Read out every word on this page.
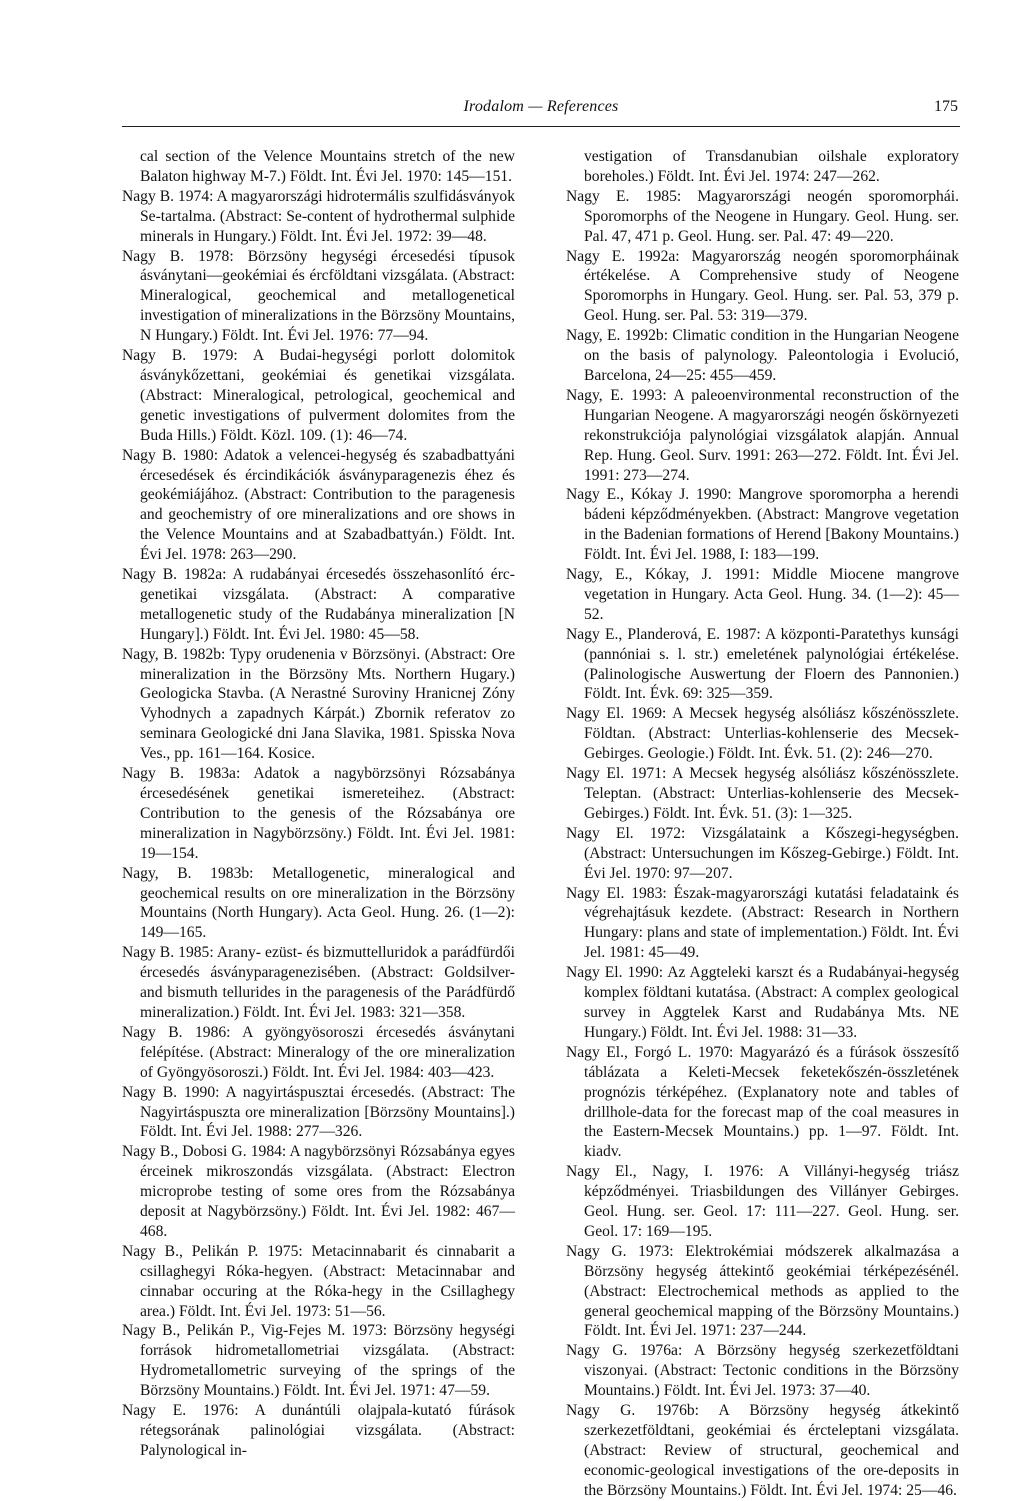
Irodalom — References	175

cal section of the Velence Mountains stretch of the new Balaton highway M-7.) Földt. Int. Évi Jel. 1970: 145—151.

Nagy B. 1974: A magyarországi hidrotermális szulfidásványok Se-tartalma. (Abstract: Se-content of hydrothermal sulphide minerals in Hungary.) Földt. Int. Évi Jel. 1972: 39—48.

Nagy B. 1978: Börzsöny hegységi ércesedési típusok ásványtani—geokémiai és ércföldtani vizsgálata. (Abstract: Mineralogical, geochemical and metallogenetical investigation of mineralizations in the Börzsöny Mountains, N Hungary.) Földt. Int. Évi Jel. 1976: 77—94.

Nagy B. 1979: A Budai-hegységi porlott dolomitok ásványkőzettani, geokémiai és genetikai vizsgálata. (Abstract: Mineralogical, petrological, geochemical and genetic investigations of pulverment dolomites from the Buda Hills.) Földt. Közl. 109. (1): 46—74.

Nagy B. 1980: Adatok a velencei-hegység és szabadbattyáni ércesedések és ércindikációk ásványparagenezis éhez és geokémiájához. (Abstract: Contribution to the paragenesis and geochemistry of ore mineralizations and ore shows in the Velence Mountains and at Szabadbattyán.) Földt. Int. Évi Jel. 1978: 263—290.

Nagy B. 1982a: A rudabányai ércesedés összehasonlító érc-genetikai vizsgálata. (Abstract: A comparative metallogenetic study of the Rudabánya mineralization [N Hungary].) Földt. Int. Évi Jel. 1980: 45—58.

Nagy, B. 1982b: Typy orudenenia v Börzsönyi. (Abstract: Ore mineralization in the Börzsöny Mts. Northern Hugary.) Geologicka Stavba. (A Nerastné Suroviny Hranicnej Zóny Vyhodnych a zapadnych Kárpát.) Zbornik referatov zo seminara Geologické dni Jana Slavika, 1981. Spisska Nova Ves., pp. 161—164. Kosice.

Nagy B. 1983a: Adatok a nagybörzsönyi Rózsabánya ércesedésének genetikai ismereteihez. (Abstract: Contribution to the genesis of the Rózsabánya ore mineralization in Nagybörzsöny.) Földt. Int. Évi Jel. 1981: 19—154.

Nagy, B. 1983b: Metallogenetic, mineralogical and geochemical results on ore mineralization in the Börzsöny Mountains (North Hungary). Acta Geol. Hung. 26. (1—2): 149—165.

Nagy B. 1985: Arany- ezüst- és bizmuttelluridok a parádfürdői ércesedés ásványparagenezisében. (Abstract: Goldsilver- and bismuth tellurides in the paragenesis of the Parádfürdő mineralization.) Földt. Int. Évi Jel. 1983: 321—358.

Nagy B. 1986: A gyöngyösoroszi ércesedés ásványtani felépítése. (Abstract: Mineralogy of the ore mineralization of Gyöngyösoroszi.) Földt. Int. Évi Jel. 1984: 403—423.

Nagy B. 1990: A nagyirtáspusztai ércesedés. (Abstract: The Nagyirtáspuszta ore mineralization [Börzsöny Mountains].) Földt. Int. Évi Jel. 1988: 277—326.

Nagy B., Dobosi G. 1984: A nagybörzsönyi Rózsabánya egyes érceinek mikroszondás vizsgálata. (Abstract: Electron microprobe testing of some ores from the Rózsabánya deposit at Nagybörzsöny.) Földt. Int. Évi Jel. 1982: 467—468.

Nagy B., Pelikán P. 1975: Metacinnabarit és cinnabarit a csillaghegyi Róka-hegyen. (Abstract: Metacinnabar and cinnabar occuring at the Róka-hegy in the Csillaghegy area.) Földt. Int. Évi Jel. 1973: 51—56.

Nagy B., Pelikán P., Vig-Fejes M. 1973: Börzsöny hegységi források hidrometallometriai vizsgálata. (Abstract: Hydrometallometric surveying of the springs of the Börzsöny Mountains.) Földt. Int. Évi Jel. 1971: 47—59.

Nagy E. 1976: A dunántúli olajpala-kutató fúrások rétegsorának palinológiai vizsgálata. (Abstract: Palynological in-

vestigation of Transdanubian oilshale exploratory boreholes.) Földt. Int. Évi Jel. 1974: 247—262.

Nagy E. 1985: Magyarországi neogén sporomorphái. Sporomorphs of the Neogene in Hungary. Geol. Hung. ser. Pal. 47, 471 p. Geol. Hung. ser. Pal. 47: 49—220.

Nagy E. 1992a: Magyarország neogén sporomorpháinak értékelése. A Comprehensive study of Neogene Sporomorphs in Hungary. Geol. Hung. ser. Pal. 53, 379 p. Geol. Hung. ser. Pal. 53: 319—379.

Nagy, E. 1992b: Climatic condition in the Hungarian Neogene on the basis of palynology. Paleontologia i Evolució, Barcelona, 24—25: 455—459.

Nagy, E. 1993: A paleoenvironmental reconstruction of the Hungarian Neogene. A magyarországi neogén őskörnyezeti rekonstrukciója palynológiai vizsgálatok alapján. Annual Rep. Hung. Geol. Surv. 1991: 263—272. Földt. Int. Évi Jel. 1991: 273—274.

Nagy E., Kókay J. 1990: Mangrove sporomorpha a herendi bádeni képződményekben. (Abstract: Mangrove vegetation in the Badenian formations of Herend [Bakony Mountains.) Földt. Int. Évi Jel. 1988, I: 183—199.

Nagy, E., Kókay, J. 1991: Middle Miocene mangrove vegetation in Hungary. Acta Geol. Hung. 34. (1—2): 45—52.

Nagy E., Planderová, E. 1987: A központi-Paratethys kunsági (pannóniai s. l. str.) emeletének palynológiai értékelése. (Palinologische Auswertung der Floern des Pannonien.) Földt. Int. Évk. 69: 325—359.

Nagy El. 1969: A Mecsek hegység alsóliász kőszénösszlete. Földtan. (Abstract: Unterlias-kohlenserie des Mecsek-Gebirges. Geologie.) Földt. Int. Évk. 51. (2): 246—270.

Nagy El. 1971: A Mecsek hegység alsóliász kőszénösszlete. Teleptan. (Abstract: Unterlias-kohlenserie des Mecsek-Gebirges.) Földt. Int. Évk. 51. (3): 1—325.

Nagy El. 1972: Vizsgálataink a Kőszegi-hegységben. (Abstract: Untersuchungen im Kőszeg-Gebirge.) Földt. Int. Évi Jel. 1970: 97—207.

Nagy El. 1983: Észak-magyarországi kutatási feladataink és végrehajtásuk kezdete. (Abstract: Research in Northern Hungary: plans and state of implementation.) Földt. Int. Évi Jel. 1981: 45—49.

Nagy El. 1990: Az Aggteleki karszt és a Rudabányai-hegység komplex földtani kutatása. (Abstract: A complex geological survey in Aggtelek Karst and Rudabánya Mts. NE Hungary.) Földt. Int. Évi Jel. 1988: 31—33.

Nagy El., Forgó L. 1970: Magyarázó és a fúrások összesítő táblázata a Keleti-Mecsek feketekőszén-összletének prognózis térképéhez. (Explanatory note and tables of drillhole-data for the forecast map of the coal measures in the Eastern-Mecsek Mountains.) pp. 1—97. Földt. Int. kiadv.

Nagy El., Nagy, I. 1976: A Villányi-hegység triász képződményei. Triasbildungen des Villányer Gebirges. Geol. Hung. ser. Geol. 17: 111—227. Geol. Hung. ser. Geol. 17: 169—195.

Nagy G. 1973: Elektrokémiai módszerek alkalmazása a Börzsöny hegység áttekintő geokémiai térképezésénél. (Abstract: Electrochemical methods as applied to the general geochemical mapping of the Börzsöny Mountains.) Földt. Int. Évi Jel. 1971: 237—244.

Nagy G. 1976a: A Börzsöny hegység szerkezetföldtani viszonyai. (Abstract: Tectonic conditions in the Börzsöny Mountains.) Földt. Int. Évi Jel. 1973: 37—40.

Nagy G. 1976b: A Börzsöny hegység átkekintő szerkezetföldtani, geokémiai és ércteleptani vizsgálata. (Abstract: Review of structural, geochemical and economic-geological investigations of the ore-deposits in the Börzsöny Mountains.) Földt. Int. Évi Jel. 1974: 25—46.
